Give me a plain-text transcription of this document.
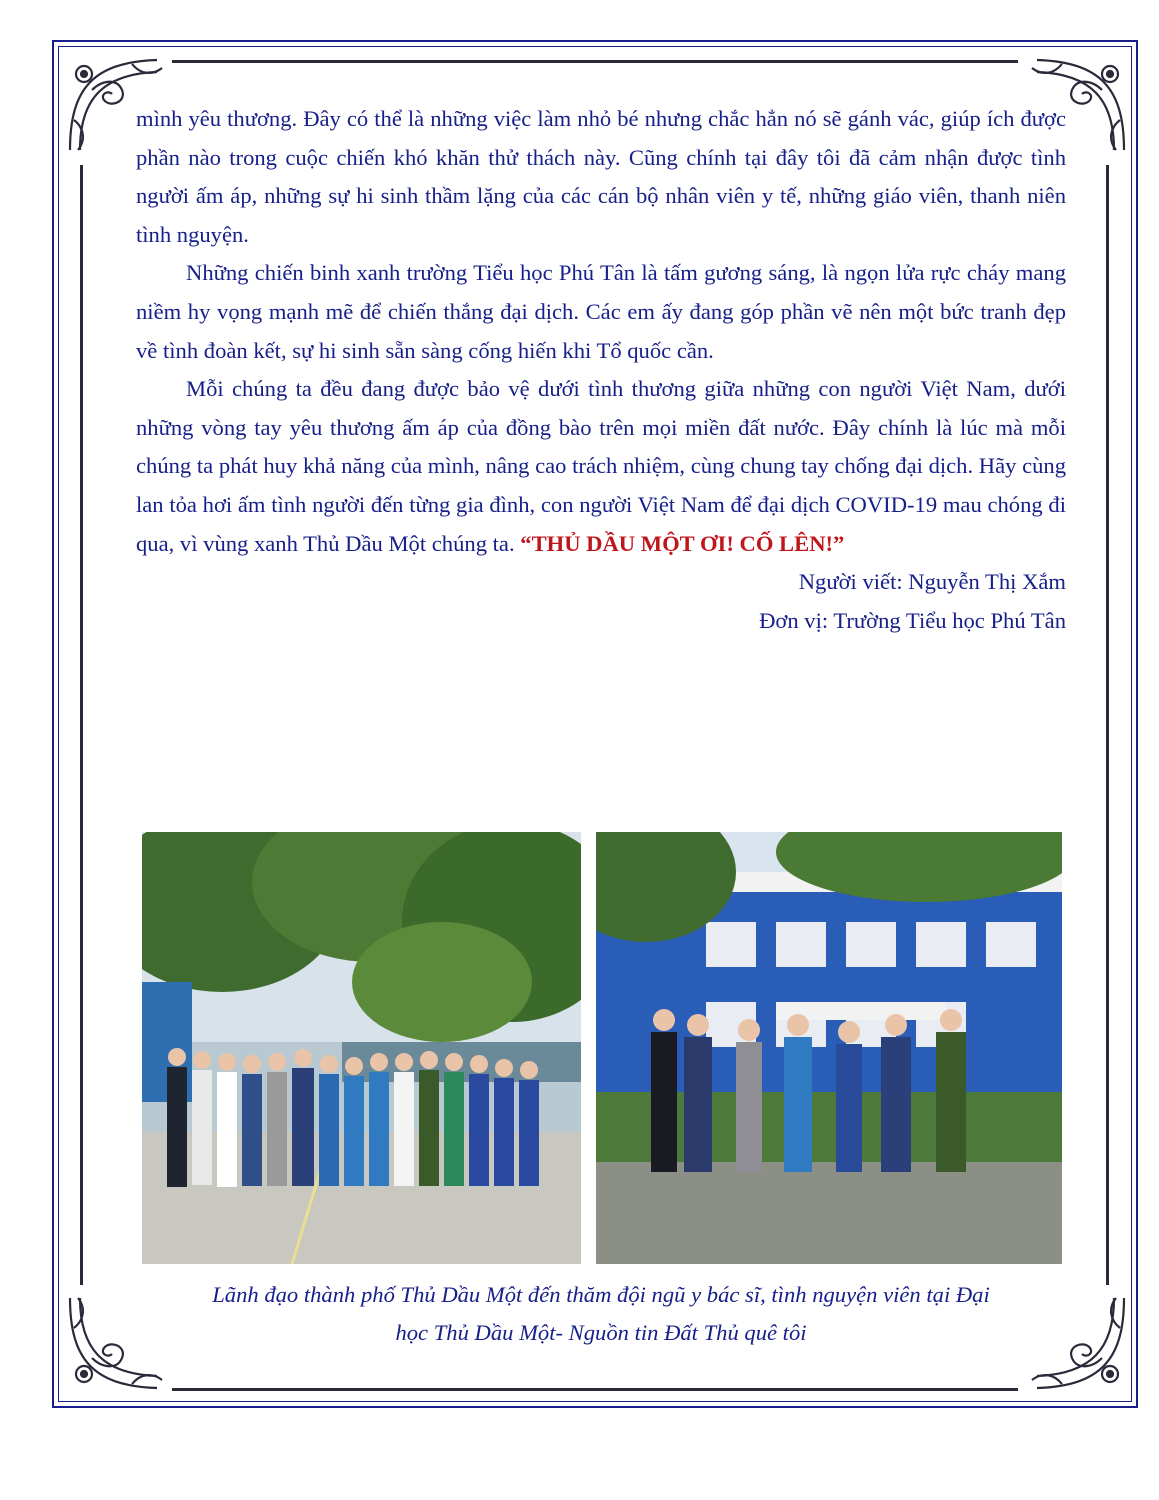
mình yêu thương. Đây có thể là những việc làm nhỏ bé nhưng chắc hẳn nó sẽ gánh vác, giúp ích được phần nào trong cuộc chiến khó khăn thử thách này. Cũng chính tại đây tôi đã cảm nhận được tình người ấm áp, những sự hi sinh thầm lặng của các cán bộ nhân viên y tế, những giáo viên, thanh niên tình nguyện.

Những chiến binh xanh trường Tiểu học Phú Tân là tấm gương sáng, là ngọn lửa rực cháy mang niềm hy vọng mạnh mẽ để chiến thắng đại dịch. Các em ấy đang góp phần vẽ nên một bức tranh đẹp về tình đoàn kết, sự hi sinh sẵn sàng cống hiến khi Tổ quốc cần.

Mỗi chúng ta đều đang được bảo vệ dưới tình thương giữa những con người Việt Nam, dưới những vòng tay yêu thương ấm áp của đồng bào trên mọi miền đất nước. Đây chính là lúc mà mỗi chúng ta phát huy khả năng của mình, nâng cao trách nhiệm, cùng chung tay chống đại dịch. Hãy cùng lan tỏa hơi ấm tình người đến từng gia đình, con người Việt Nam để đại dịch COVID-19 mau chóng đi qua, vì vùng xanh Thủ Dầu Một chúng ta. “THỦ DẦU MỘT ƠI! CỐ LÊN!”

Người viết: Nguyễn Thị Xắm

Đơn vị: Trường Tiểu học Phú Tân

Lãnh đạo thành phố Thủ Dầu Một đến thăm đội ngũ y bác sĩ, tình nguyện viên tại Đại
học Thủ Dầu Một- Nguồn tin Đất Thủ quê tôi
